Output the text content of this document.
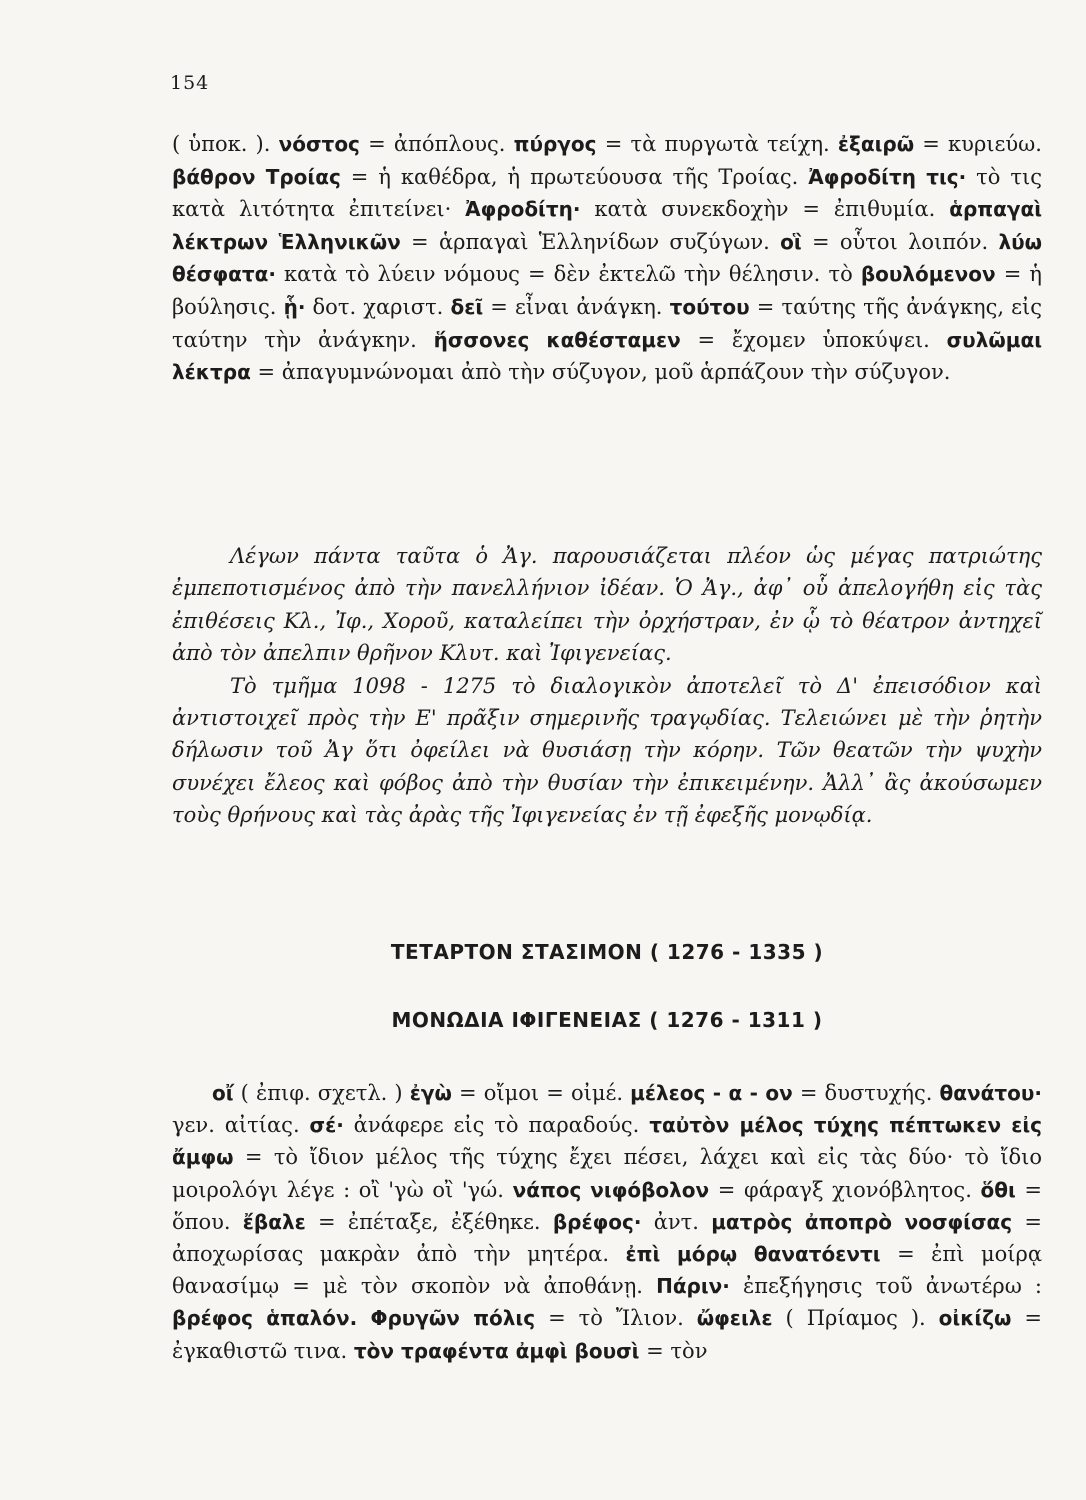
154

( ὑποκ. ). νόστος = ἀπόπλους. πύργος = τὰ πυργωτὰ τείχη. ἐξαιρῶ = κυριεύω. βάθρον Τροίας = ἡ καθέδρα, ἡ πρωτεύουσα τῆς Τροίας. Ἀφροδίτη τις· τὸ τις κατὰ λιτότητα ἐπιτείνει· Ἀφροδίτη· κατὰ συνεκδοχὴν = ἐπιθυμία. ἁρπαγαὶ λέκτρων Ἑλληνικῶν = ἁρπαγαὶ Ἑλληνίδων συζύγων. οἳ = οὗτοι λοιπόν. λύω θέσφατα· κατὰ τὸ λύειν νόμους = δὲν ἐκτελῶ τὴν θέλησιν. τὸ βουλόμενον = ἡ βούλησις. ᾗ· δοτ. χαριστ. δεῖ = εἶναι ἀνάγκη. τούτου = ταύτης τῆς ἀνάγκης, εἰς ταύτην τὴν ἀνάγκην. ἥσσονες καθέσταμεν = ἔχομεν ὑποκύψει. συλῶμαι λέκτρα = ἀπαγυμνώνομαι ἀπὸ τὴν σύζυγον, μοῦ ἁρπάζουν τὴν σύζυγον.

Λέγων πάντα ταῦτα ὁ Ἀγ. παρουσιάζεται πλέον ὡς μέγας πατριώτης ἐμπεποτισμένος ἀπὸ τὴν πανελλήνιον ἰδέαν. Ὁ Ἀγ., ἀφ᾽ οὗ ἀπελογήθη εἰς τὰς ἐπιθέσεις Κλ., Ἰφ., Χοροῦ, καταλείπει τὴν ὀρχήστραν, ἐν ᾧ τὸ θέατρον ἀντηχεῖ ἀπὸ τὸν ἀπελπιν θρῆνον Κλυτ. καὶ Ἰφιγενείας.

Τὸ τμῆμα 1098 - 1275 τὸ διαλογικὸν ἀποτελεῖ τὸ Δ' ἐπεισόδιον καὶ ἀντιστοιχεῖ πρὸς τὴν Ε' πρᾶξιν σημερινῆς τραγῳδίας. Τελειώνει μὲ τὴν ῥητὴν δήλωσιν τοῦ Ἀγ ὅτι ὀφείλει νὰ θυσιάσῃ τὴν κόρην. Τῶν θεατῶν τὴν ψυχὴν συνέχει ἔλεος καὶ φόβος ἀπὸ τὴν θυσίαν τὴν ἐπικειμένην. Ἀλλ᾽ ἂς ἀκούσωμεν τοὺς θρήνους καὶ τὰς ἀρὰς τῆς Ἰφιγενείας ἐν τῇ ἐφεξῆς μονῳδίᾳ.

ΤΕΤΑΡΤΟΝ ΣΤΑΣΙΜΟΝ ( 1276 - 1335 )
ΜΟΝΩΔΙΑ ΙΦΙΓΕΝΕΙΑΣ ( 1276 - 1311 )

οἴ ( ἐπιφ. σχετλ. ) ἐγὼ = οἴμοι = οἰμέ. μέλεος - α - ον = δυστυχής. θανάτου· γεν. αἰτίας. σέ· ἀνάφερε εἰς τὸ παραδούς. ταὐτὸν μέλος τύχης πέπτωκεν εἰς ἄμφω = τὸ ἴδιον μέλος τῆς τύχης ἔχει πέσει, λάχει καὶ εἰς τὰς δύο· τὸ ἴδιο μοιρολόγι λέγε : οἲ 'γὼ οἲ 'γώ. νάπος νιφόβολον = φάραγξ χιονόβλητος. ὅθι = ὅπου. ἔβαλε = ἐπέταξε, ἐξέθηκε. βρέφος· ἀντ. ματρὸς ἀποπρὸ νοσφίσας = ἀποχωρίσας μακρὰν ἀπὸ τὴν μητέρα. ἐπὶ μόρῳ θανατόεντι = ἐπὶ μοίρᾳ θανασίμῳ = μὲ τὸν σκοπὸν νὰ ἀποθάνῃ. Πάριν· ἐπεξήγησις τοῦ ἀνωτέρω : βρέφος ἁπαλόν. Φρυγῶν πόλις = τὸ Ἴλιον. ὤφειλε ( Πρίαμος ). οἰκίζω = ἐγκαθιστῶ τινα. τὸν τραφέντα ἀμφὶ βουσὶ = τὸν
